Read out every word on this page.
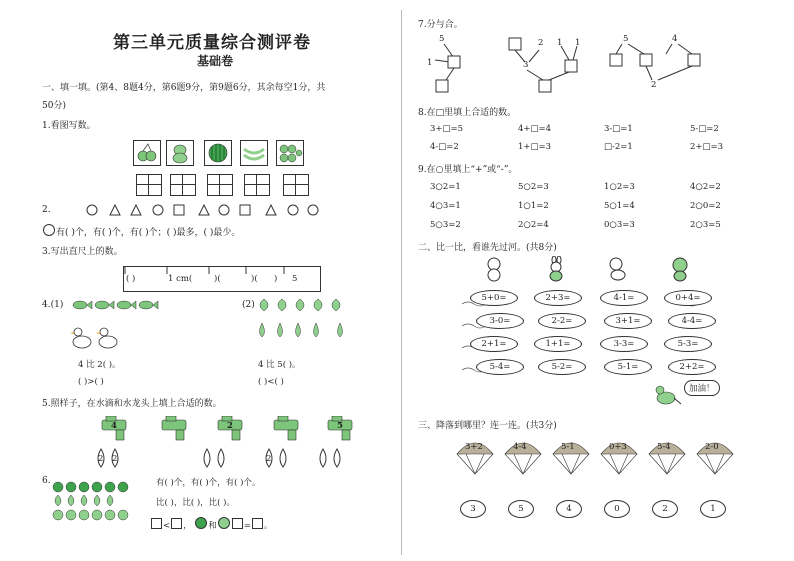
第三单元质量综合测评卷
基础卷
一、填一填。(第4、8题4分，第6题9分，第9题6分，其余每空1分，共
50分)
1.看图写数。
2.
有( )个，有( )个，有( )个；( )最多，( )最少。
3.写出直尺上的数。
( )	1 cm(	)(	)( ) 5
4.(1)
4 比 2( )。
( )>( )
(2)
4 比 5( )。
( )<( )
5.照样子，在水滴和水龙头上填上合适的数。
4	2	5
2 2	2
6.	有( )个，有( )个，有( )个。
比( )，比( )，比( )。
< ， 和	= 。
7.分与合。
5
1
2 1 1
3
5	4
2
8.在□里填上合适的数。
3+□=5	4+□=4	3-□=1	5-□=2
4-□=2	1+□=3	□-2=1	2+□=3
9.在○里填上“+”或“-”。
3○2=1	5○2=3	1○2=3	4○2=2
4○3=1	1○1=2	5○1=4	2○0=2
5○3=2	2○2=4	0○3=3	2○3=5
二、比一比，看谁先过河。(共8分)
5+0=
3-0=
2+1=
5-4=
2+3=
2-2=
1+1=
5-2=
4-1=
3+1=
3-3=
5-1=
0+4=
4-4=
5-3=
2+2=
加油！
三、降落到哪里？连一连。(共3分)
3+2	4-4	5-1	0+3	5-4	2-0
3	5	4	0	2	1
